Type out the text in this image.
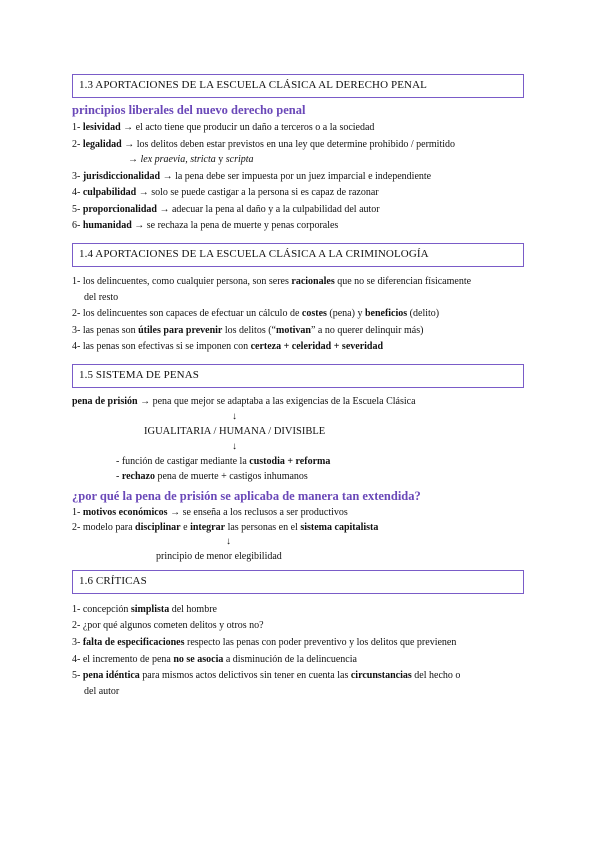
1.3 APORTACIONES DE LA ESCUELA CLÁSICA AL DERECHO PENAL
principios liberales del nuevo derecho penal
1- lesividad → el acto tiene que producir un daño a terceros o a la sociedad
2- legalidad → los delitos deben estar previstos en una ley que determine prohibido / permitido
→ lex praevia, stricta y scripta
3- jurisdiccionalidad → la pena debe ser impuesta por un juez imparcial e independiente
4- culpabilidad → solo se puede castigar a la persona si es capaz de razonar
5- proporcionalidad → adecuar la pena al daño y a la culpabilidad del autor
6- humanidad → se rechaza la pena de muerte y penas corporales
1.4 APORTACIONES DE LA ESCUELA CLÁSICA A LA CRIMINOLOGÍA
1- los delincuentes, como cualquier persona, son seres racionales que no se diferencian físicamente
del resto
2- los delincuentes son capaces de efectuar un cálculo de costes (pena) y beneficios (delito)
3- las penas son útiles para prevenir los delitos (“motivan” a no querer delinquir más)
4- las penas son efectivas si se imponen con certeza + celeridad + severidad
1.5 SISTEMA DE PENAS
pena de prisión → pena que mejor se adaptaba a las exigencias de la Escuela Clásica
↓
IGUALITARIA / HUMANA / DIVISIBLE
↓
- función de castigar mediante la custodia + reforma
- rechazo pena de muerte + castigos inhumanos
¿por qué la pena de prisión se aplicaba de manera tan extendida?
1- motivos económicos → se enseña a los reclusos a ser productivos
2- modelo para disciplinar e integrar las personas en el sistema capitalista
↓
principio de menor elegibilidad
1.6 CRÍTICAS
1- concepción simplista del hombre
2- ¿por qué algunos cometen delitos y otros no?
3- falta de especificaciones respecto las penas con poder preventivo y los delitos que previenen
4- el incremento de pena no se asocia a disminución de la delincuencia
5- pena idéntica para mismos actos delictivos sin tener en cuenta las circunstancias del hecho o
del autor
